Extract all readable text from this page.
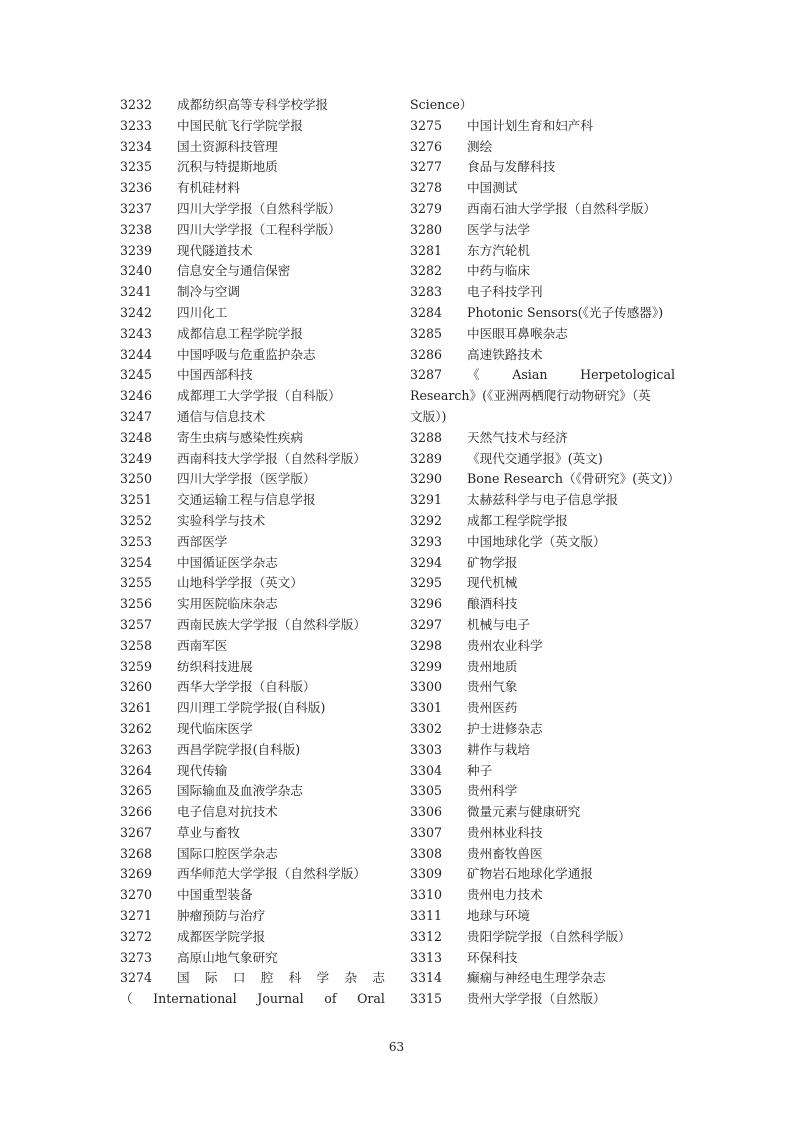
3232 成都纺织高等专科学校学报
3233 中国民航飞行学院学报
3234 国土资源科技管理
3235 沉积与特提斯地质
3236 有机硅材料
3237 四川大学学报（自然科学版）
3238 四川大学学报（工程科学版）
3239 现代隧道技术
3240 信息安全与通信保密
3241 制冷与空调
3242 四川化工
3243 成都信息工程学院学报
3244 中国呼吸与危重监护杂志
3245 中国西部科技
3246 成都理工大学学报（自科版）
3247 通信与信息技术
3248 寄生虫病与感染性疾病
3249 西南科技大学学报（自然科学版）
3250 四川大学学报（医学版）
3251 交通运输工程与信息学报
3252 实验科学与技术
3253 西部医学
3254 中国循证医学杂志
3255 山地科学学报（英文）
3256 实用医院临床杂志
3257 西南民族大学学报（自然科学版）
3258 西南军医
3259 纺织科技进展
3260 西华大学学报（自科版）
3261 四川理工学院学报(自科版)
3262 现代临床医学
3263 西昌学院学报(自科版)
3264 现代传输
3265 国际输血及血液学杂志
3266 电子信息对抗技术
3267 草业与畜牧
3268 国际口腔医学杂志
3269 西华师范大学学报（自然科学版）
3270 中国重型装备
3271 肿瘤预防与治疗
3272 成都医学院学报
3273 高原山地气象研究
3274 国 际 口 腔 科 学 杂 志
（ International Journal of Oral
Science）
3275 中国计划生育和妇产科
3276 测绘
3277 食品与发酵科技
3278 中国测试
3279 西南石油大学学报（自然科学版）
3280 医学与法学
3281 东方汽轮机
3282 中药与临床
3283 电子科技学刊
3284 Photonic Sensors(《光子传感器》)
3285 中医眼耳鼻喉杂志
3286 高速铁路技术
3287 《	Asian	Herpetological
Research》(《亚洲两栖爬行动物研究》（英
文版）)
3288 天然气技术与经济
3289 《现代交通学报》(英文)
3290 Bone Research（《骨研究》(英文)）
3291 太赫兹科学与电子信息学报
3292 成都工程学院学报
3293 中国地球化学（英文版）
3294 矿物学报
3295 现代机械
3296 酿酒科技
3297 机械与电子
3298 贵州农业科学
3299 贵州地质
3300 贵州气象
3301 贵州医药
3302 护士进修杂志
3303 耕作与栽培
3304 种子
3305 贵州科学
3306 微量元素与健康研究
3307 贵州林业科技
3308 贵州畜牧兽医
3309 矿物岩石地球化学通报
3310 贵州电力技术
3311 地球与环境
3312 贵阳学院学报（自然科学版）
3313 环保科技
3314 癫痫与神经电生理学杂志
3315 贵州大学学报（自然版）
63
